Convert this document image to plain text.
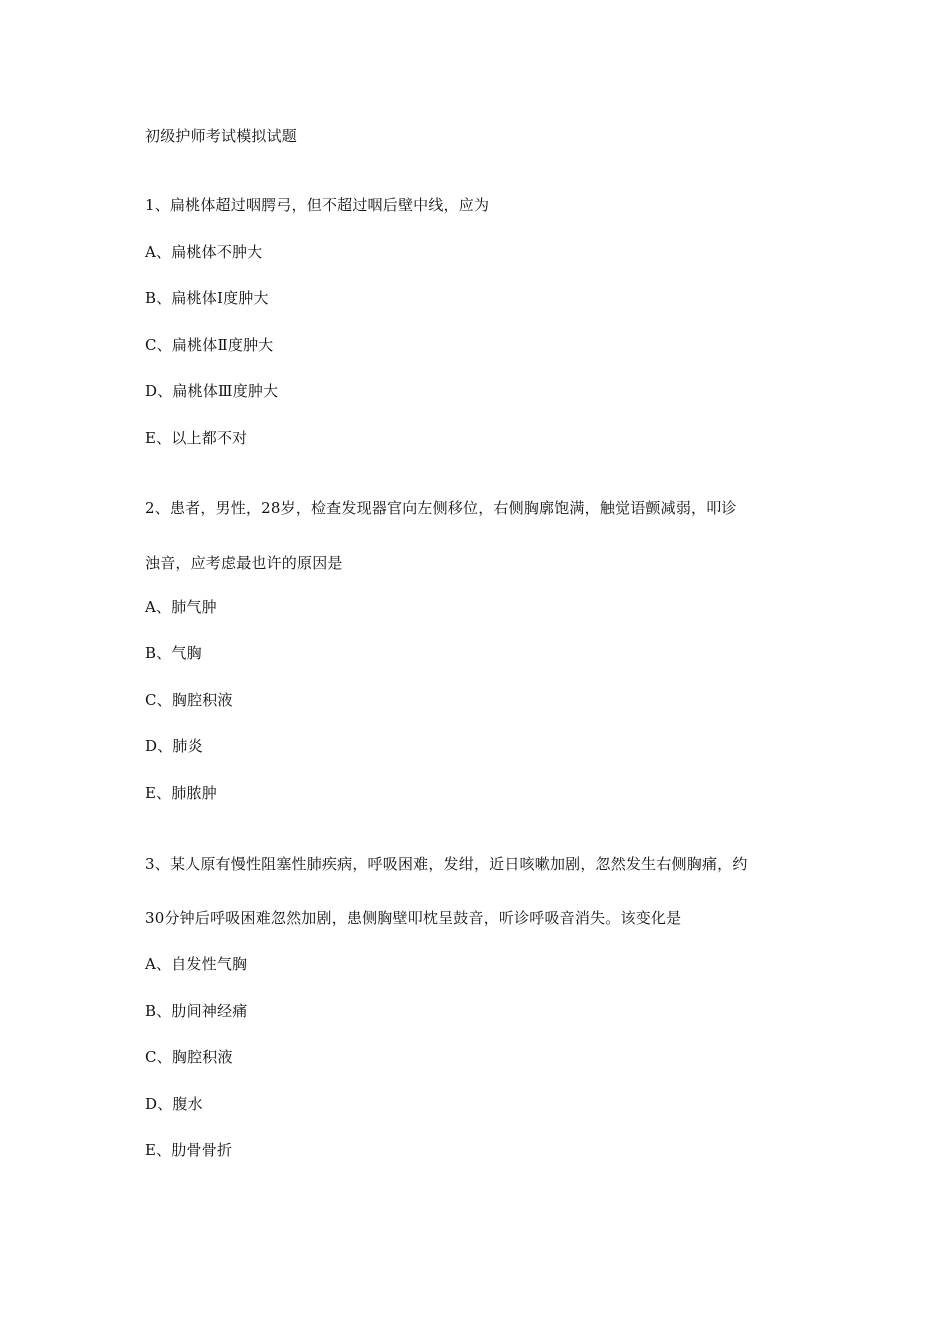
初级护师考试模拟试题
1、扁桃体超过咽腭弓，但不超过咽后壁中线，应为
A、扁桃体不肿大
B、扁桃体Ⅰ度肿大
C、扁桃体Ⅱ度肿大
D、扁桃体Ⅲ度肿大
E、以上都不对
2、患者，男性，28岁，检查发现器官向左侧移位，右侧胸廓饱满，触觉语颤减弱，叩诊
浊音，应考虑最也许的原因是
A、肺气肿
B、气胸
C、胸腔积液
D、肺炎
E、肺脓肿
3、某人原有慢性阻塞性肺疾病，呼吸困难，发绀，近日咳嗽加剧，忽然发生右侧胸痛，约
30分钟后呼吸困难忽然加剧，患侧胸壁叩枕呈鼓音，听诊呼吸音消失。该变化是
A、自发性气胸
B、肋间神经痛
C、胸腔积液
D、腹水
E、肋骨骨折
